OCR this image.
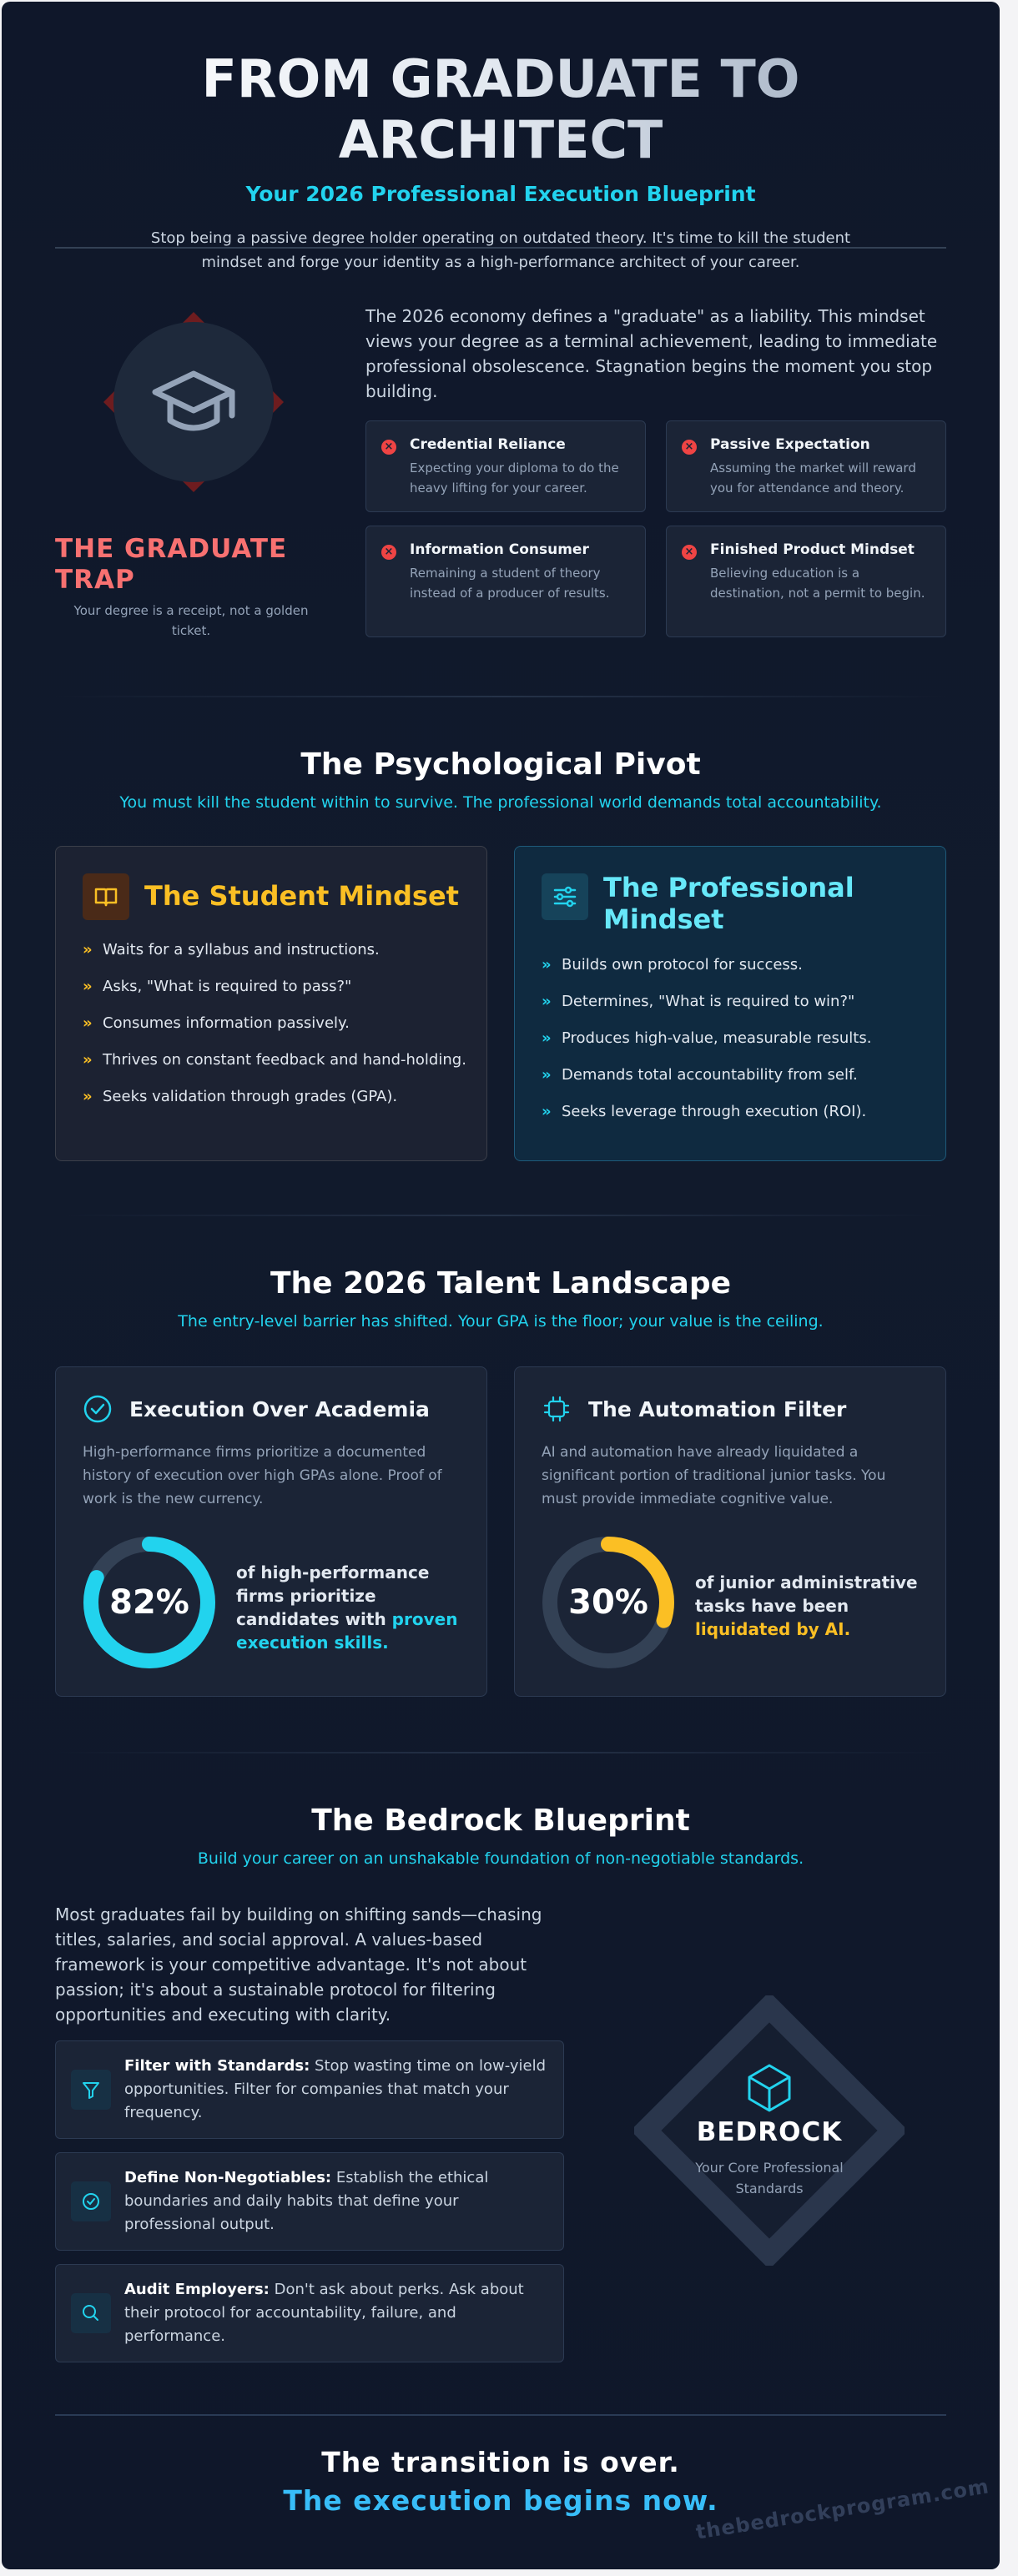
FROM GRADUATE TO ARCHITECT
Your 2026 Professional Execution Blueprint
Stop being a passive degree holder operating on outdated theory. It's time to kill the student mindset and forge your identity as a high-performance architect of your career.
THE GRADUATE TRAP
Your degree is a receipt, not a golden ticket.
The 2026 economy defines a "graduate" as a liability. This mindset views your degree as a terminal achievement, leading to immediate professional obsolescence. Stagnation begins the moment you stop building.
× Credential Reliance
Expecting your diploma to do the heavy lifting for your career.
× Passive Expectation
Assuming the market will reward you for attendance and theory.
× Information Consumer
Remaining a student of theory instead of a producer of results.
× Finished Product Mindset
Believing education is a destination, not a permit to begin.
The Psychological Pivot
You must kill the student within to survive. The professional world demands total accountability.
The Student Mindset
» Waits for a syllabus and instructions.
» Asks, "What is required to pass?"
» Consumes information passively.
» Thrives on constant feedback and hand-holding.
» Seeks validation through grades (GPA).
The Professional Mindset
» Builds own protocol for success.
» Determines, "What is required to win?"
» Produces high-value, measurable results.
» Demands total accountability from self.
» Seeks leverage through execution (ROI).
The 2026 Talent Landscape
The entry-level barrier has shifted. Your GPA is the floor; your value is the ceiling.
Execution Over Academia
High-performance firms prioritize a documented history of execution over high GPAs alone. Proof of work is the new currency.
82%
of high-performance firms prioritize candidates with proven execution skills.
The Automation Filter
AI and automation have already liquidated a significant portion of traditional junior tasks. You must provide immediate cognitive value.
30%
of junior administrative tasks have been liquidated by AI.
The Bedrock Blueprint
Build your career on an unshakable foundation of non-negotiable standards.
Most graduates fail by building on shifting sands—chasing titles, salaries, and social approval. A values-based framework is your competitive advantage. It's not about passion; it's about a sustainable protocol for filtering opportunities and executing with clarity.
Filter with Standards: Stop wasting time on low-yield opportunities. Filter for companies that match your frequency.
Define Non-Negotiables: Establish the ethical boundaries and daily habits that define your professional output.
Audit Employers: Don't ask about perks. Ask about their protocol for accountability, failure, and performance.
BEDROCK
Your Core Professional Standards
The transition is over.
The execution begins now.
thebedrockprogram.com
